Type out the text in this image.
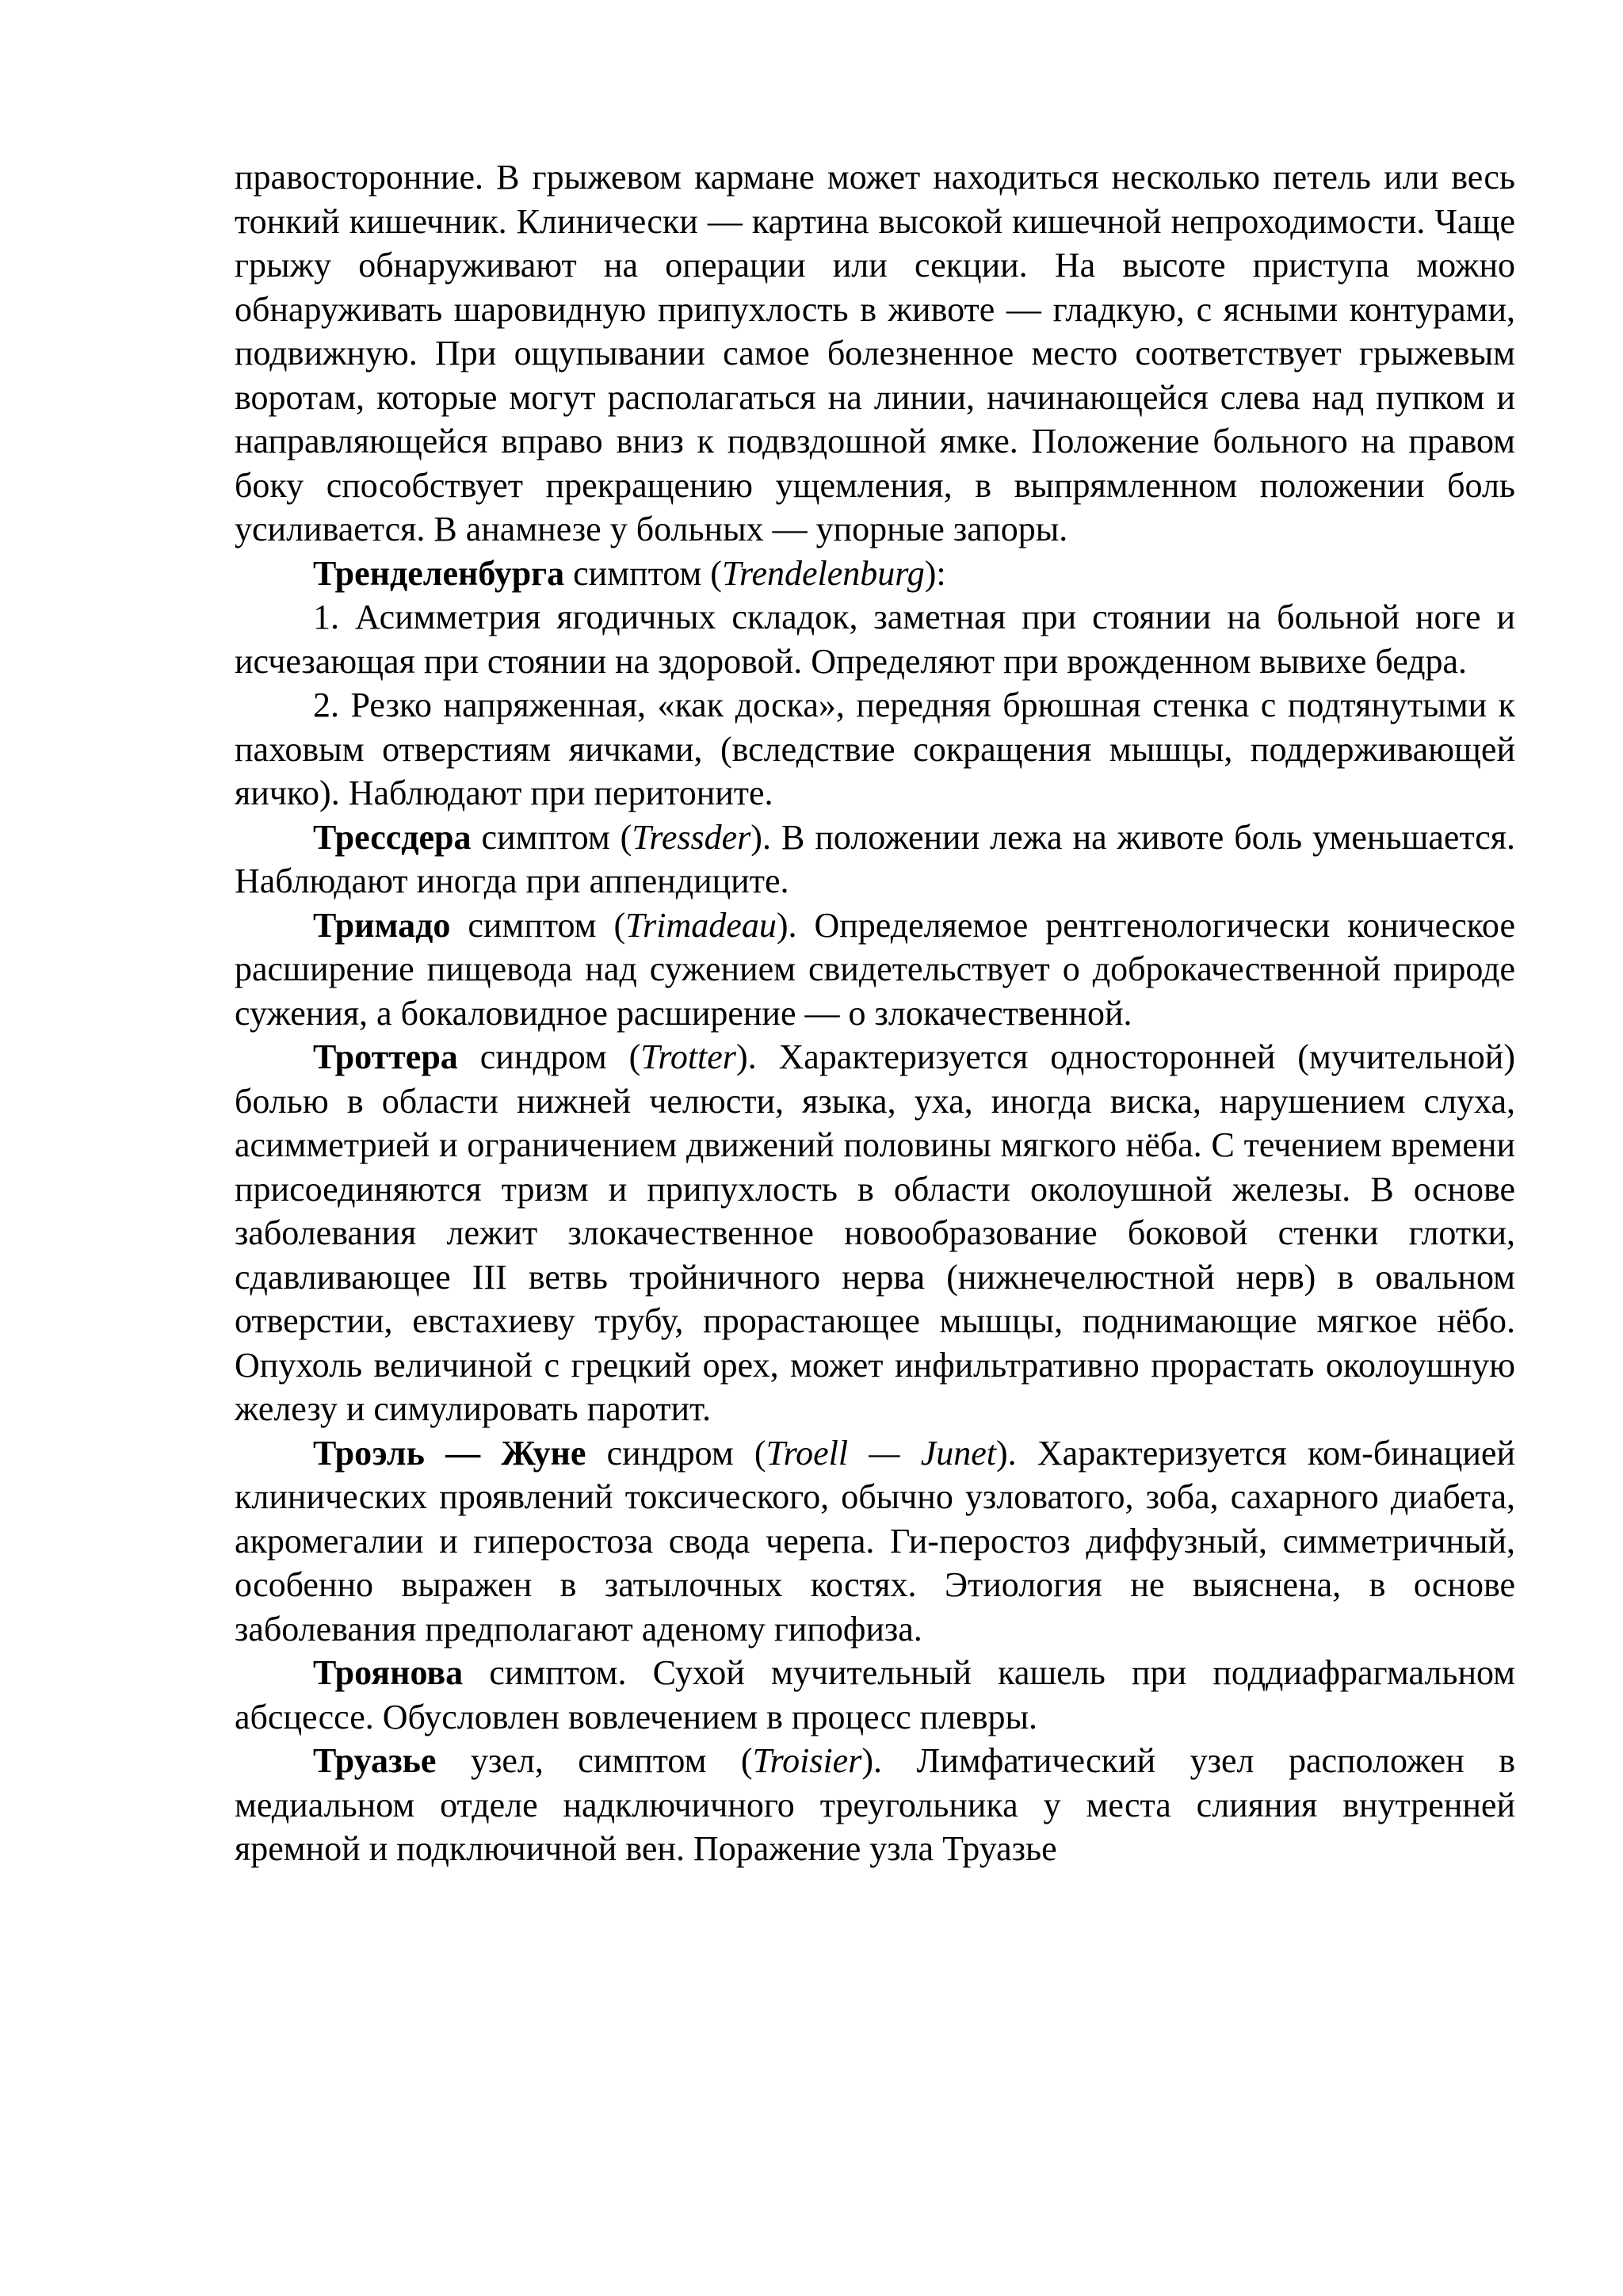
правосторонние. В грыжевом кармане может находиться несколько петель или весь тонкий кишечник. Клинически — картина высокой кишечной непроходимости. Чаще грыжу обнаруживают на операции или секции. На высоте приступа можно обнаруживать шаровидную припухлость в животе — гладкую, с ясными контурами, подвижную. При ощупывании самое болезненное место соответствует грыжевым воротам, которые могут располагаться на линии, начинающейся слева над пупком и направляющейся вправо вниз к подвздошной ямке. Положение больного на правом боку способствует прекращению ущемления, в выпрямленном положении боль усиливается. В анамнезе у больных — упорные запоры.

Тренделенбурга симптом (Trendelenburg):

1. Асимметрия ягодичных складок, заметная при стоянии на больной ноге и исчезающая при стоянии на здоровой. Определяют при врожденном вывихе бедра.

2. Резко напряженная, «как доска», передняя брюшная стенка с подтянутыми к паховым отверстиям яичками, (вследствие сокращения мышцы, поддерживающей яичко). Наблюдают при перитоните.

Трессдера симптом (Tressder). В положении лежа на животе боль уменьшается. Наблюдают иногда при аппендиците.

Тримадо симптом (Trimadeau). Определяемое рентгенологически коническое расширение пищевода над сужением свидетельствует о доброкачественной природе сужения, а бокаловидное расширение — о злокачественной.

Троттера синдром (Trotter). Характеризуется односторонней (мучительной) болью в области нижней челюсти, языка, уха, иногда виска, нарушением слуха, асимметрией и ограничением движений половины мягкого нёба. С течением времени присоединяются тризм и припухлость в области околоушной железы. В основе заболевания лежит злокачественное новообразование боковой стенки глотки, сдавливающее III ветвь тройничного нерва (нижнечелюстной нерв) в овальном отверстии, евстахиеву трубу, прорастающее мышцы, поднимающие мягкое нёбо. Опухоль величиной с грецкий орех, может инфильтративно прорастать околоушную железу и симулировать паротит.

Троэль — Жуне синдром (Troell — Junet). Характеризуется ком-бинацией клинических проявлений токсического, обычно узловатого, зоба, сахарного диабета, акромегалии и гиперостоза свода черепа. Ги-перостоз диффузный, симметричный, особенно выражен в затылочных костях. Этиология не выяснена, в основе заболевания предполагают аденому гипофиза.

Троянова симптом. Сухой мучительный кашель при поддиафрагмальном абсцессе. Обусловлен вовлечением в процесс плевры.

Труазье узел, симптом (Troisier). Лимфатический узел расположен в медиальном отделе надключичного треугольника у места слияния внутренней яремной и подключичной вен. Поражение узла Труазье
